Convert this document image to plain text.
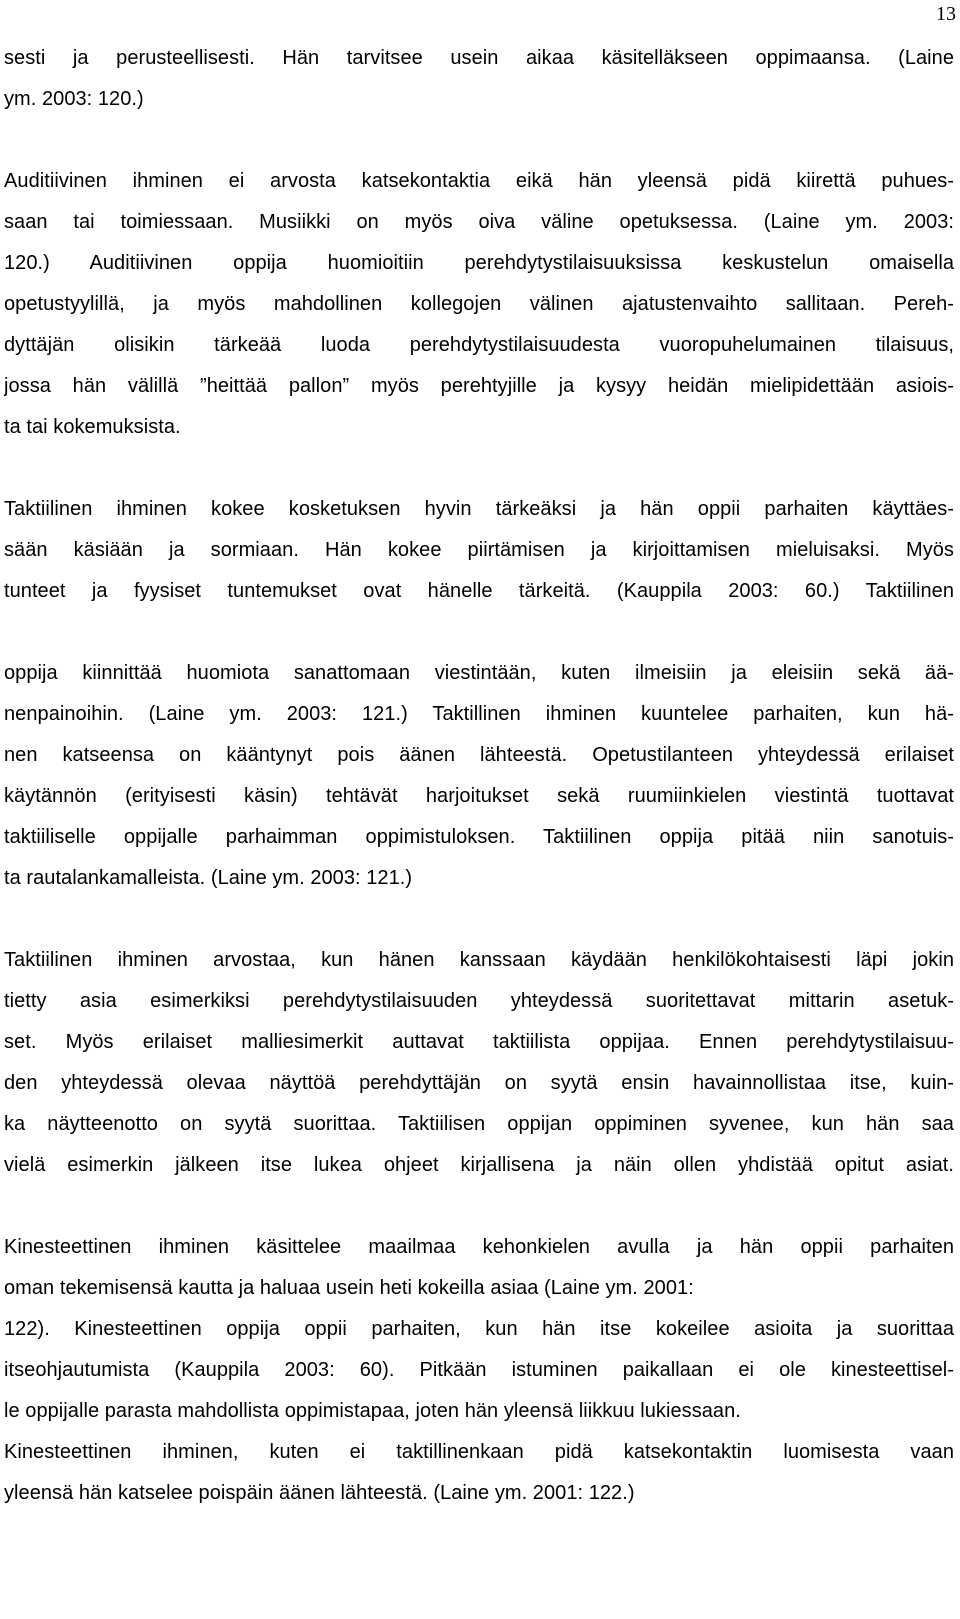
13
sesti ja perusteellisesti. Hän tarvitsee usein aikaa käsitelläkseen oppimaansa. (Laine
ym. 2003: 120.)
Auditiivinen ihminen ei arvosta katsekontaktia eikä hän yleensä pidä kiirettä puhues-
saan tai toimiessaan. Musiikki on myös oiva väline opetuksessa. (Laine ym. 2003:
120.) Auditiivinen oppija huomioitiin perehdytystilaisuuksissa keskustelun omaisella
opetustyylillä, ja myös mahdollinen kollegojen välinen ajatustenvaihto sallitaan. Pereh-
dyttäjän olisikin tärkeää luoda perehdytystilaisuudesta vuoropuhelumainen tilaisuus,
jossa hän välillä ”heittää pallon” myös perehtyjille ja kysyy heidän mielipidettään asiois-
ta tai kokemuksista.
Taktiilinen ihminen kokee kosketuksen hyvin tärkeäksi ja hän oppii parhaiten käyttäes-
sään käsiään ja sormiaan. Hän kokee piirtämisen ja kirjoittamisen mieluisaksi. Myös
tunteet ja fyysiset tuntemukset ovat hänelle tärkeitä. (Kauppila 2003: 60.) Taktiilinen
oppija kiinnittää huomiota sanattomaan viestintään, kuten ilmeisiin ja eleisiin sekä ää-
nenpainoihin. (Laine ym. 2003: 121.) Taktillinen ihminen kuuntelee parhaiten, kun hä-
nen katseensa on kääntynyt pois äänen lähteestä. Opetustilanteen yhteydessä erilaiset
käytännön (erityisesti käsin) tehtävät harjoitukset sekä ruumiinkielen viestintä tuottavat
taktiiliselle oppijalle parhaimman oppimistuloksen. Taktiilinen oppija pitää niin sanotuis-
ta rautalankamalleista. (Laine ym. 2003: 121.)
Taktiilinen ihminen arvostaa, kun hänen kanssaan käydään henkilökohtaisesti läpi jokin
tietty asia esimerkiksi perehdytystilaisuuden yhteydessä suoritettavat mittarin asetuk-
set. Myös erilaiset malliesimerkit auttavat taktiilista oppijaa. Ennen perehdytystilaisuu-
den yhteydessä olevaa näyttöä perehdyttäjän on syytä ensin havainnollistaa itse, kuin-
ka näytteenotto on syytä suorittaa. Taktiilisen oppijan oppiminen syvenee, kun hän saa
vielä esimerkin jälkeen itse lukea ohjeet kirjallisena ja näin ollen yhdistää opitut asiat.
Kinesteettinen ihminen käsittelee maailmaa kehonkielen avulla ja hän oppii parhaiten
oman tekemisensä kautta ja haluaa usein heti kokeilla asiaa (Laine ym. 2001:
122). Kinesteettinen oppija oppii parhaiten, kun hän itse kokeilee asioita ja suorittaa
itseohjautumista (Kauppila 2003: 60). Pitkään istuminen paikallaan ei ole kinesteettisel-
le oppijalle parasta mahdollista oppimistapaa, joten hän yleensä liikkuu lukiessaan.
Kinesteettinen ihminen, kuten ei taktillinenkaan pidä katsekontaktin luomisesta vaan
yleensä hän katselee poispäin äänen lähteestä. (Laine ym. 2001: 122.)
